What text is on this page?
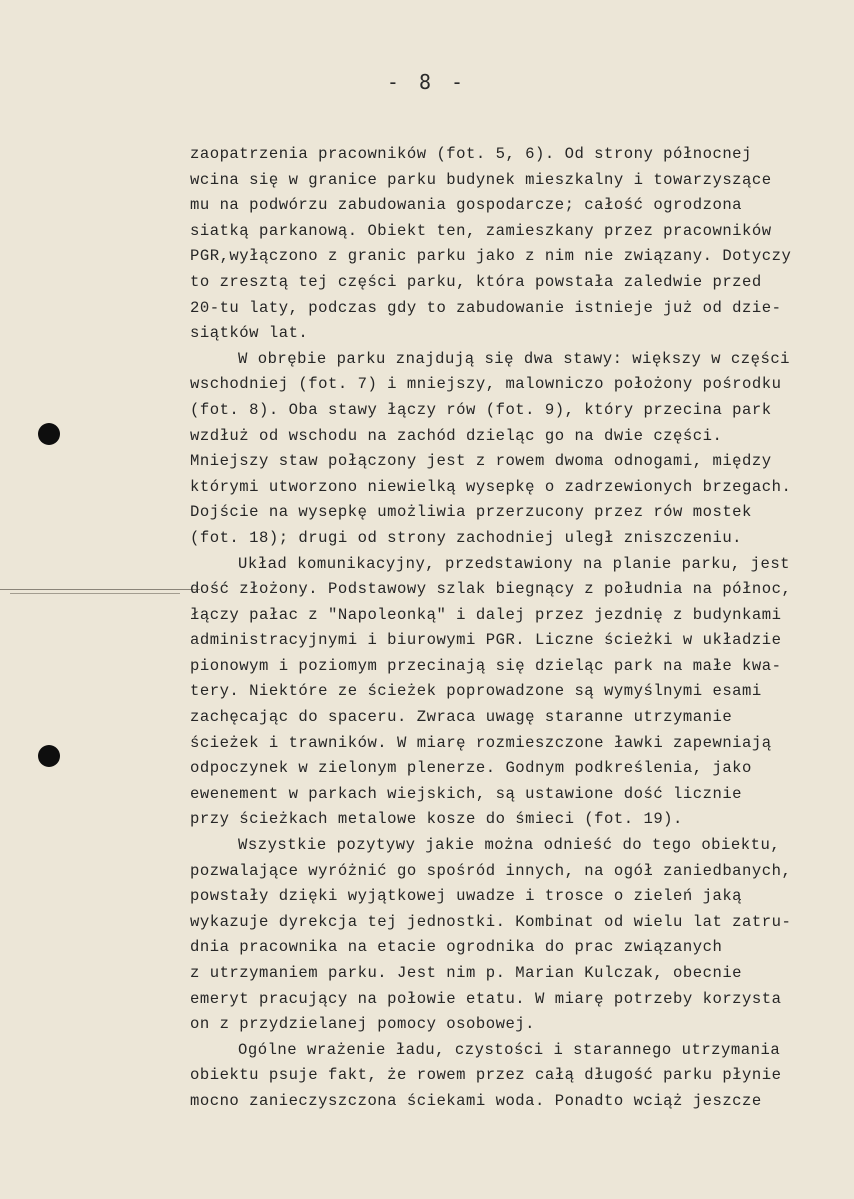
- 8 -
zaopatrzenia pracowników (fot. 5, 6). Od strony północnej
wcina się w granice parku budynek mieszkalny i towarzyszące
mu na podwórzu zabudowania gospodarcze; całość ogrodzona
siatką parkanową. Obiekt ten, zamieszkany przez pracowników
PGR,wyłączono z granic parku jako z nim nie związany. Dotyczy
to zresztą tej części parku, która powstała zaledwie przed
20-tu laty, podczas gdy to zabudowanie istnieje już od dzie-
siątków lat.
W obrębie parku znajdują się dwa stawy: większy w części
wschodniej (fot. 7) i mniejszy, malowniczo położony pośrodku
(fot. 8). Oba stawy łączy rów (fot. 9), który przecina park
wzdłuż od wschodu na zachód dzieląc go na dwie części.
Mniejszy staw połączony jest z rowem dwoma odnogami, między
którymi utworzono niewielką wysepkę o zadrzewionych brzegach.
Dojście na wysepkę umożliwia przerzucony przez rów mostek
(fot. 18); drugi od strony zachodniej uległ zniszczeniu.
Układ komunikacyjny, przedstawiony na planie parku, jest
dość złożony. Podstawowy szlak biegnący z południa na północ,
łączy pałac z "Napoleonką" i dalej przez jezdnię z budynkami
administracyjnymi i biurowymi PGR. Liczne ścieżki w układzie
pionowym i poziomym przecinają się dzieląc park na małe kwa-
tery. Niektóre ze ścieżek poprowadzone są wymyślnymi esami
zachęcając do spaceru. Zwraca uwagę staranne utrzymanie
ścieżek i trawników. W miarę rozmieszczone ławki zapewniają
odpoczynek w zielonym plenerze. Godnym podkreślenia, jako
ewenement w parkach wiejskich, są ustawione dość licznie
przy ścieżkach metalowe kosze do śmieci (fot. 19).
Wszystkie pozytywy jakie można odnieść do tego obiektu,
pozwalające wyróżnić go spośród innych, na ogół zaniedbanych,
powstały dzięki wyjątkowej uwadze i trosce o zieleń jaką
wykazuje dyrekcja tej jednostki. Kombinat od wielu lat zatru-
dnia pracownika na etacie ogrodnika do prac związanych
z utrzymaniem parku. Jest nim p. Marian Kulczak, obecnie
emeryt pracujący na połowie etatu. W miarę potrzeby korzysta
on z przydzielanej pomocy osobowej.
Ogólne wrażenie ładu, czystości i starannego utrzymania
obiektu psuje fakt, że rowem przez całą długość parku płynie
mocno zanieczyszczona ściekami woda. Ponadto wciąż jeszcze
